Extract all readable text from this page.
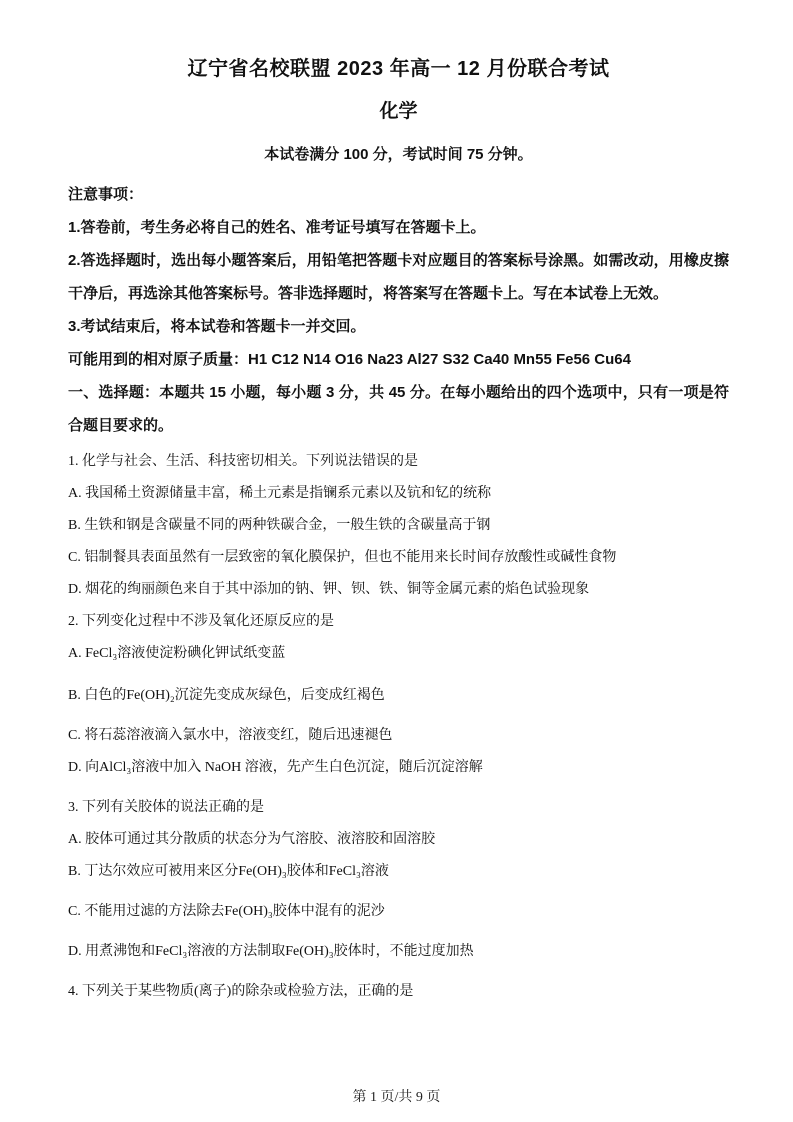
辽宁省名校联盟 2023 年高一 12 月份联合考试
化学

本试卷满分 100 分，考试时间 75 分钟。

注意事项：

1.答卷前，考生务必将自己的姓名、准考证号填写在答题卡上。

2.答选择题时，选出每小题答案后，用铅笔把答题卡对应题目的答案标号涂黑。如需改动，用橡皮擦干净后，再选涂其他答案标号。答非选择题时，将答案写在答题卡上。写在本试卷上无效。

3.考试结束后，将本试卷和答题卡一并交回。

可能用到的相对原子质量：H1 C12 N14 O16 Na23 Al27 S32 Ca40 Mn55 Fe56 Cu64

一、选择题：本题共 15 小题，每小题 3 分，共 45 分。在每小题给出的四个选项中，只有一项是符合题目要求的。

1. 化学与社会、生活、科技密切相关。下列说法错误的是

A. 我国稀土资源储量丰富，稀土元素是指镧系元素以及钪和钇的统称

B. 生铁和钢是含碳量不同的两种铁碳合金，一般生铁的含碳量高于钢

C. 铝制餐具表面虽然有一层致密的氧化膜保护，但也不能用来长时间存放酸性或碱性食物

D. 烟花的绚丽颜色来自于其中添加的钠、钾、钡、铁、铜等金属元素的焰色试验现象

2. 下列变化过程中不涉及氧化还原反应的是

A. FeCl₃溶液使淀粉碘化钾试纸变蓝

B. 白色的Fe(OH)₂沉淀先变成灰绿色，后变成红褐色

C. 将石蕊溶液滴入氯水中，溶液变红，随后迅速褪色

D. 向AlCl₃溶液中加入 NaOH 溶液，先产生白色沉淀，随后沉淀溶解

3. 下列有关胶体的说法正确的是

A. 胶体可通过其分散质的状态分为气溶胶、液溶胶和固溶胶

B. 丁达尔效应可被用来区分Fe(OH)₃胶体和FeCl₃溶液

C. 不能用过滤的方法除去Fe(OH)₃胶体中混有的泥沙

D. 用煮沸饱和FeCl₃溶液的方法制取Fe(OH)₃胶体时，不能过度加热

4. 下列关于某些物质(离子)的除杂或检验方法，正确的是

第 1 页/共 9 页
